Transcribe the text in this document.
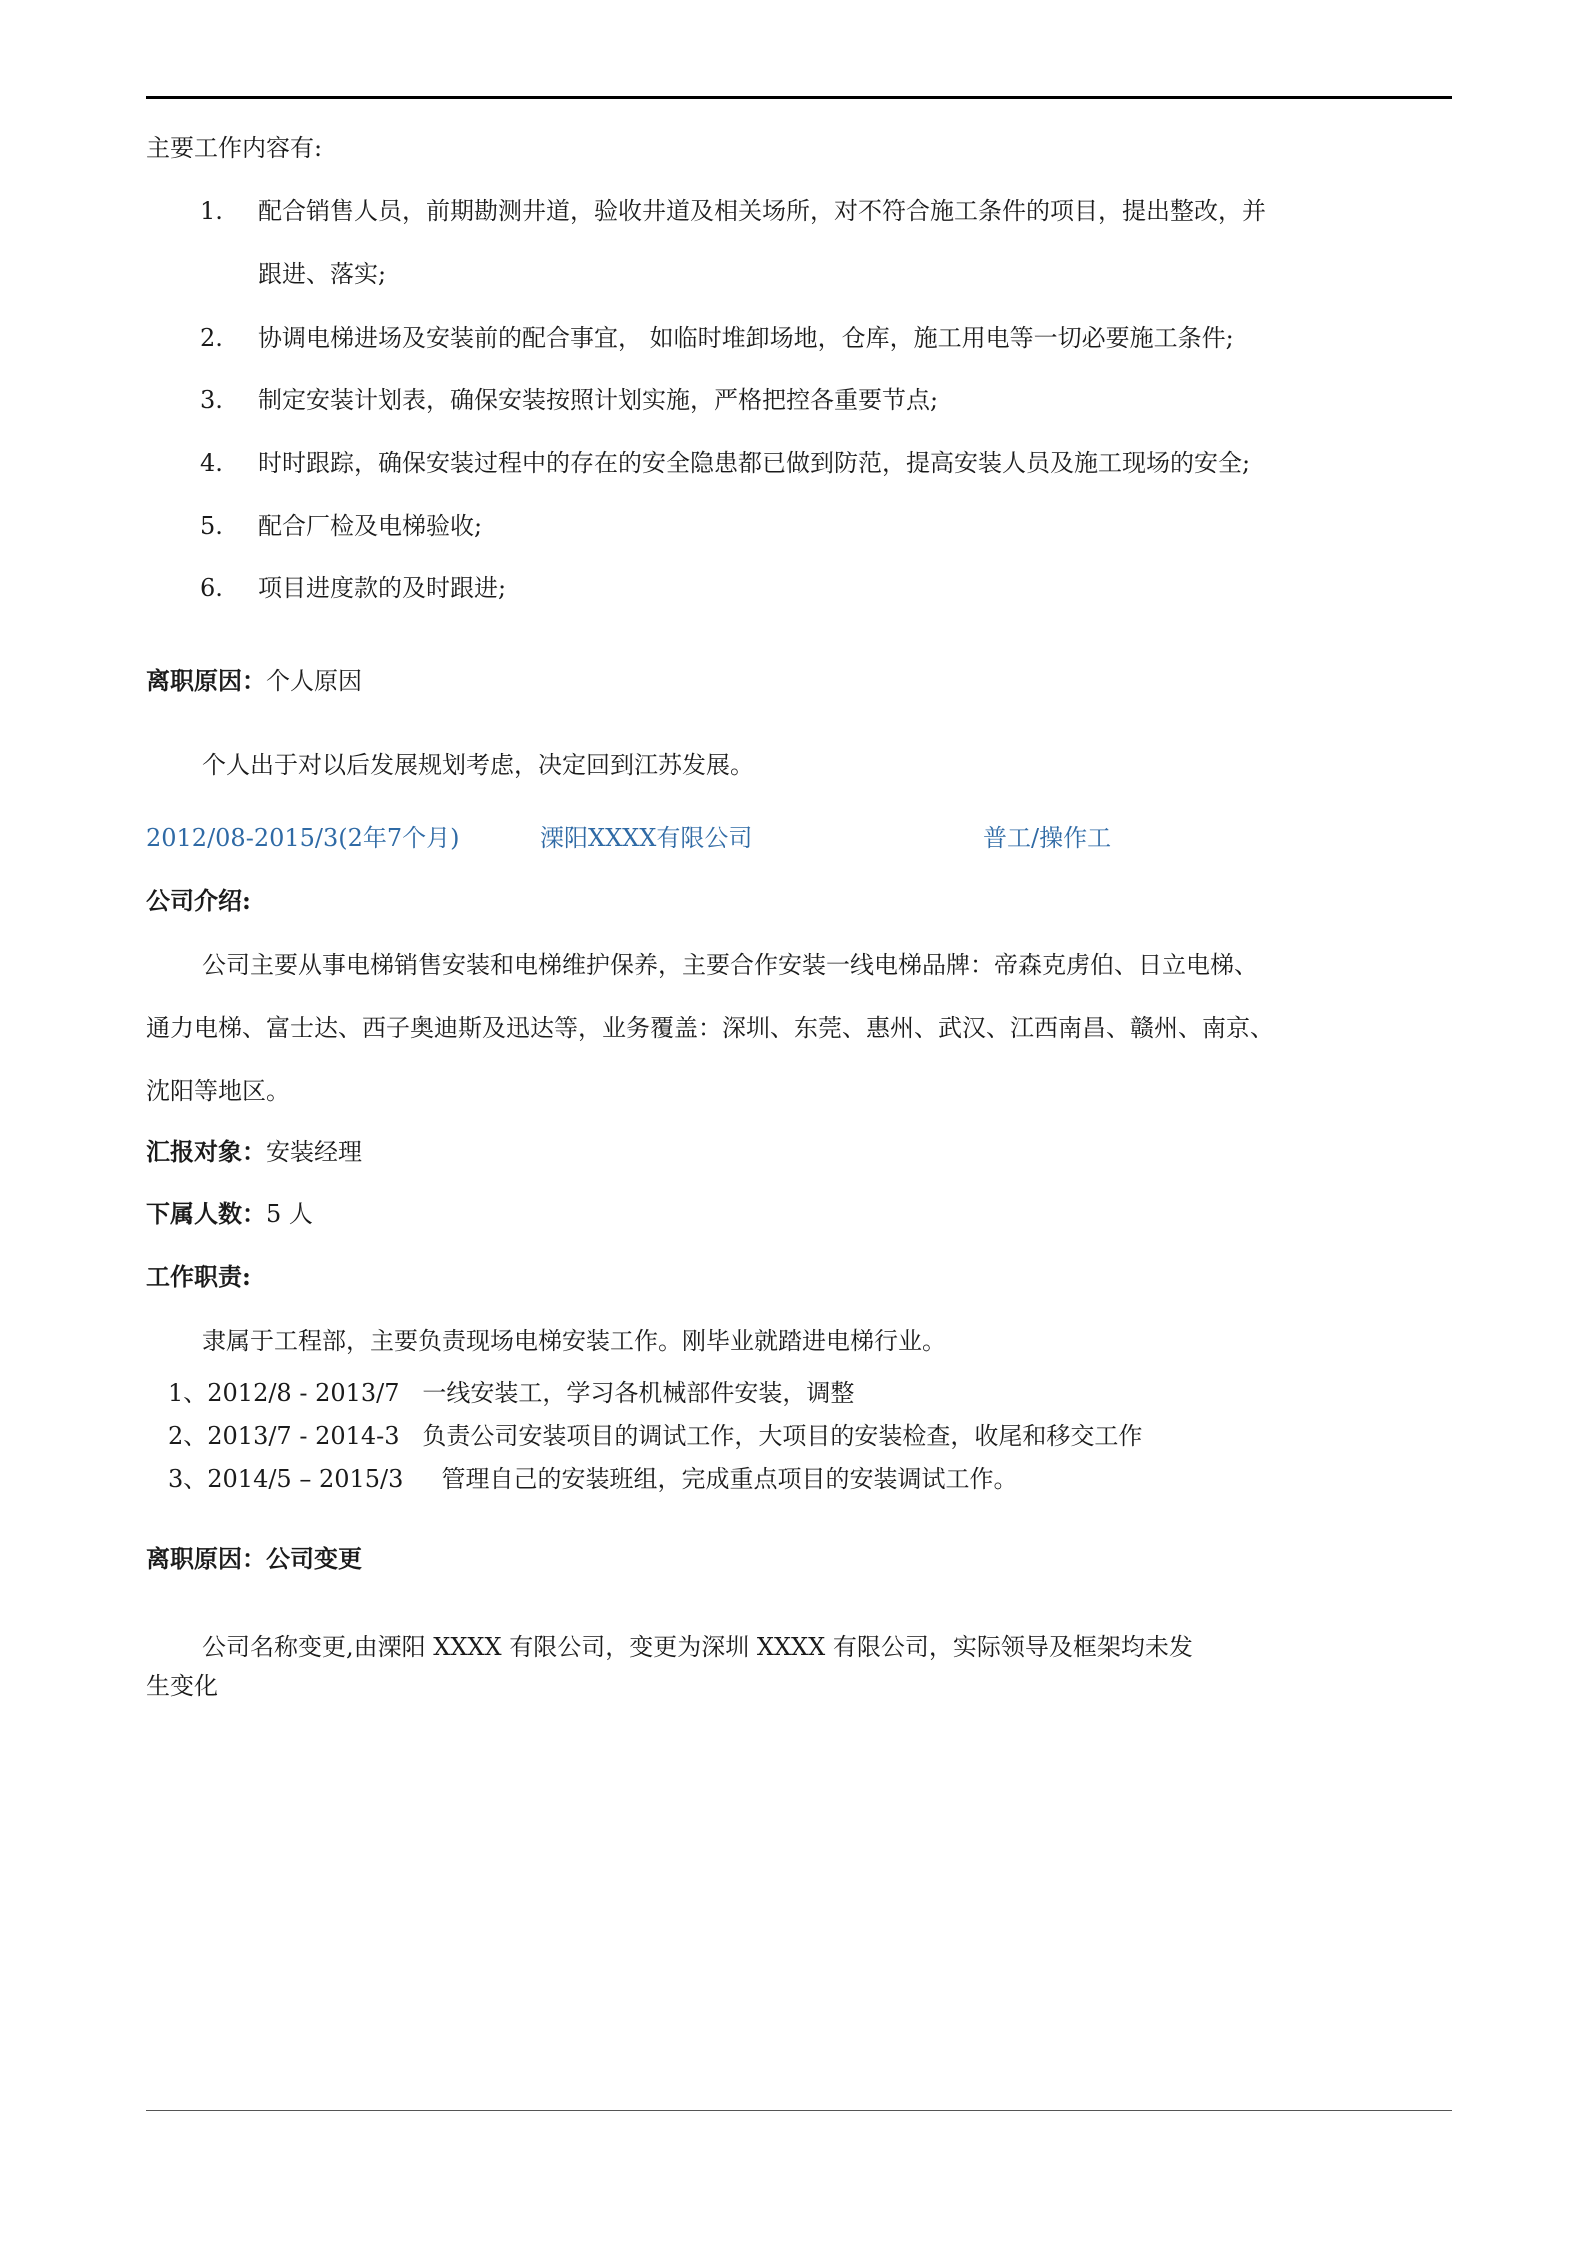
主要工作内容有:
1. 配合销售人员，前期勘测井道，验收井道及相关场所，对不符合施工条件的项目，提出整改，并
跟进、落实;
2. 协调电梯进场及安装前的配合事宜， 如临时堆卸场地，仓库，施工用电等一切必要施工条件;
3. 制定安装计划表，确保安装按照计划实施，严格把控各重要节点;
4. 时时跟踪，确保安装过程中的存在的安全隐患都已做到防范，提高安装人员及施工现场的安全;
5. 配合厂检及电梯验收;
6. 项目进度款的及时跟进;
离职原因：个人原因
个人出于对以后发展规划考虑，决定回到江苏发展。
2012/08-2015/3(2年7个月)	溧阳XXXX有限公司	普工/操作工
公司介绍:
公司主要从事电梯销售安装和电梯维护保养，主要合作安装一线电梯品牌：帝森克虏伯、日立电梯、
通力电梯、富士达、西子奥迪斯及迅达等，业务覆盖：深圳、东莞、惠州、武汉、江西南昌、赣州、南京、
沈阳等地区。
汇报对象：安装经理
下属人数：5 人
工作职责:
隶属于工程部，主要负责现场电梯安装工作。刚毕业就踏进电梯行业。
1、2012/8 - 2013/7   一线安装工，学习各机械部件安装，调整
2、2013/7 - 2014-3   负责公司安装项目的调试工作，大项目的安装检查，收尾和移交工作
3、2014/5 – 2015/3     管理自己的安装班组，完成重点项目的安装调试工作。
离职原因：公司变更
公司名称变更,由溧阳 XXXX 有限公司，变更为深圳 XXXX 有限公司，实际领导及框架均未发
生变化
